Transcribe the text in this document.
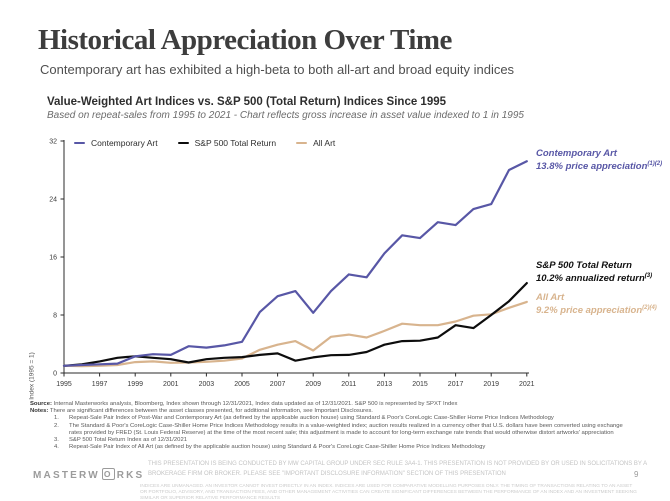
Historical Appreciation Over Time
Contemporary art has exhibited a high-beta to both all-art and broad equity indices
Value-Weighted Art Indices vs. S&P 500 (Total Return) Indices Since 1995
Based on repeat-sales from 1995 to 2021 - Chart reflects gross increase in asset value indexed to 1 in 1995
0
8
16
24
32
1995	1997	1999	2001	2003	2005	2007	2009	2011	2013	2015	2017	2019	2021
Contemporary Art	S&P 500 Total Return	All Art
Index (1995 = 1)
Contemporary Art
13.8% price appreciation$^{(1)(2)}$
S&P 500 Total Return
10.2% annualized return$^{(3)}$
All Art
9.2% price appreciation$^{(2)(4)}$
Source: Internal Masterworks analysis, Bloomberg, Index shown through 12/31/2021, Index data updated as of 12/31/2021. S&P 500 is represented by SPXT Index
Notes: There are significant differences between the asset classes presented, for additional information, see Important Disclosures.
1.	Repeat-Sale Pair Index of Post-War and Contemporary Art (as defined by the applicable auction house) using Standard & Poor's CoreLogic Case-Shiller Home Price Indices Methodology
2.	The Standard & Poor's CoreLogic Case-Shiller Home Price Indices Methodology results in a value-weighted index; auction results realized in a currency other that U.S. dollars have been converted using exchange rates provided by FRED (St. Louis Federal Reserve) at the time of the most recent sale; this adjustment is made to account for long-term exchange rate trends that would otherwise distort artworks' appreciation
3.	S&P 500 Total Return Index as of 12/31/2021
4.	Repeat-Sale Pair Index of All Art (as defined by the applicable auction house) using Standard & Poor's CoreLogic Case-Shiller Home Price Indices Methodology
MASTERW O RKS
THIS PRESENTATION IS BEING CONDUCTED BY MW CAPITAL GROUP UNDER SEC RULE 3A4-1. THIS PRESENTATION IS NOT PROVIDED BY OR USED IN SOLICITATIONS BY A BROKERAGE FIRM OR BROKER. PLEASE SEE "IMPORTANT DISCLOSURE INFORMATION" SECTION OF THIS PRESENTATION
INDICES ARE UNMANAGED. AN INVESTOR CANNOT INVEST DIRECTLY IN AN INDEX. INDICES ARE USED FOR COMPARATIVE MODELLING PURPOSES ONLY. THE TIMING OF TRANSACTIONS RELATING TO AN ASSET OR PORTFOLIO, ADVISORY, AND TRANSACTION FEES, AND OTHER MANAGEMENT ACTIVITIES CAN CREATE SIGNIFICANT DIFFERENCES BETWEEN THE PERFORMANCE OF AN INDEX AND AN INVESTMENT SEEKING SIMILAR OR SUPERIOR RELATIVE PERFORMANCE RESULTS
9
